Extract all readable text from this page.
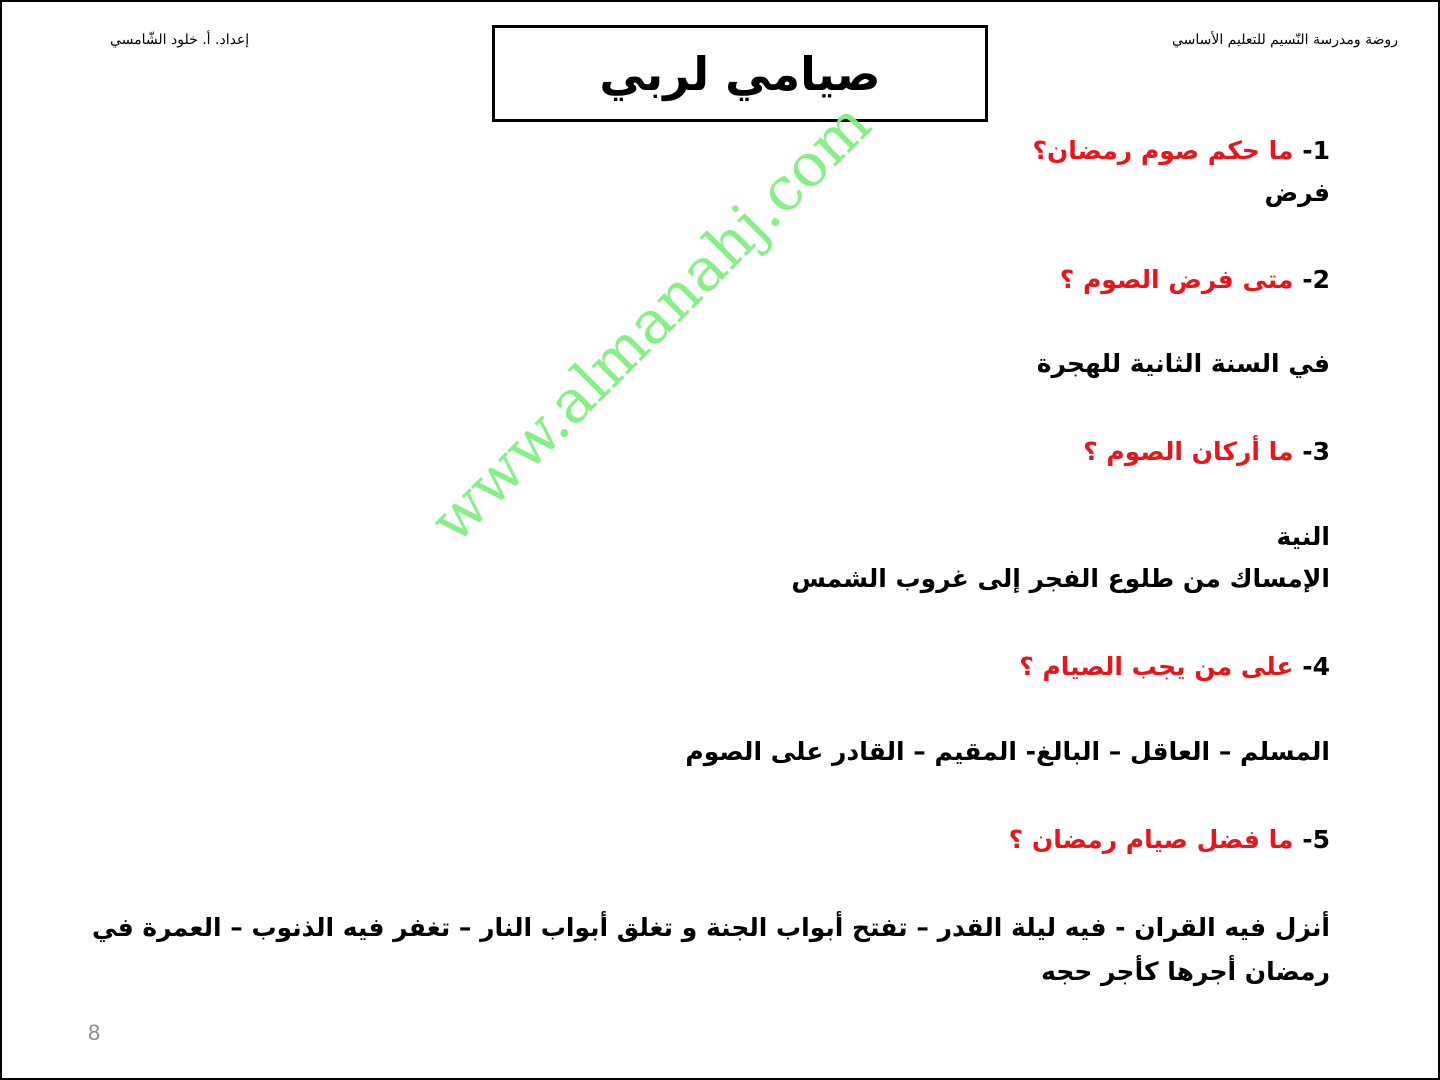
روضة ومدرسة النّسيم للتعليم الأساسي
إعداد. أ. خلود الشّامسي
صيامي لربي
1- ما حكم صوم رمضان؟
فرض
2- متى فرض الصوم ؟
في السنة الثانية للهجرة
3- ما أركان الصوم ؟
النية
الإمساك من طلوع الفجر إلى غروب الشمس
4- على من يجب الصيام ؟
المسلم – العاقل – البالغ- المقيم – القادر على الصوم
5- ما فضل صيام رمضان ؟
أنزل فيه القران - فيه ليلة القدر – تفتح أبواب الجنة و تغلق أبواب النار – تغفر فيه الذنوب – العمرة في رمضان أجرها كأجر حجه
www.almanahj.com
8
